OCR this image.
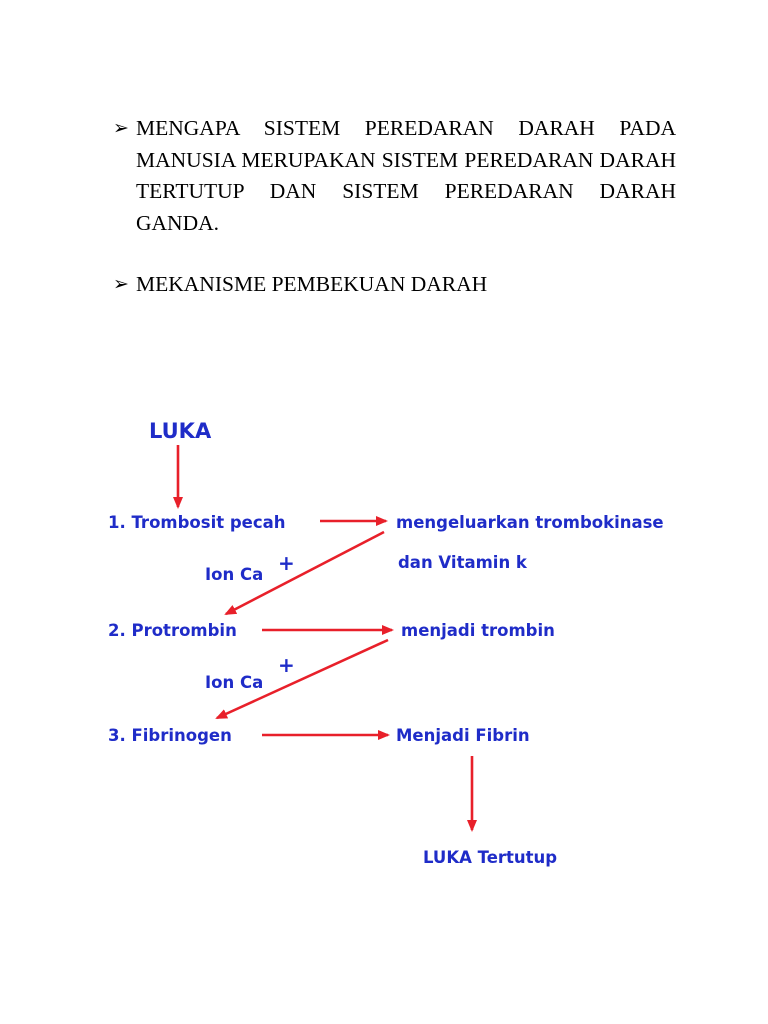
➢ MENGAPA SISTEM PEREDARAN DARAH PADA MANUSIA MERUPAKAN SISTEM PEREDARAN DARAH TERTUTUP DAN SISTEM PEREDARAN DARAH GANDA.
➢ MEKANISME PEMBEKUAN DARAH
LUKA
1. Trombosit pecah	mengeluarkan trombokinase
dan Vitamin k
Ion Ca +
2. Protrombin	menjadi trombin
Ion Ca
+
3. Fibrinogen	Menjadi Fibrin
LUKA Tertutup
